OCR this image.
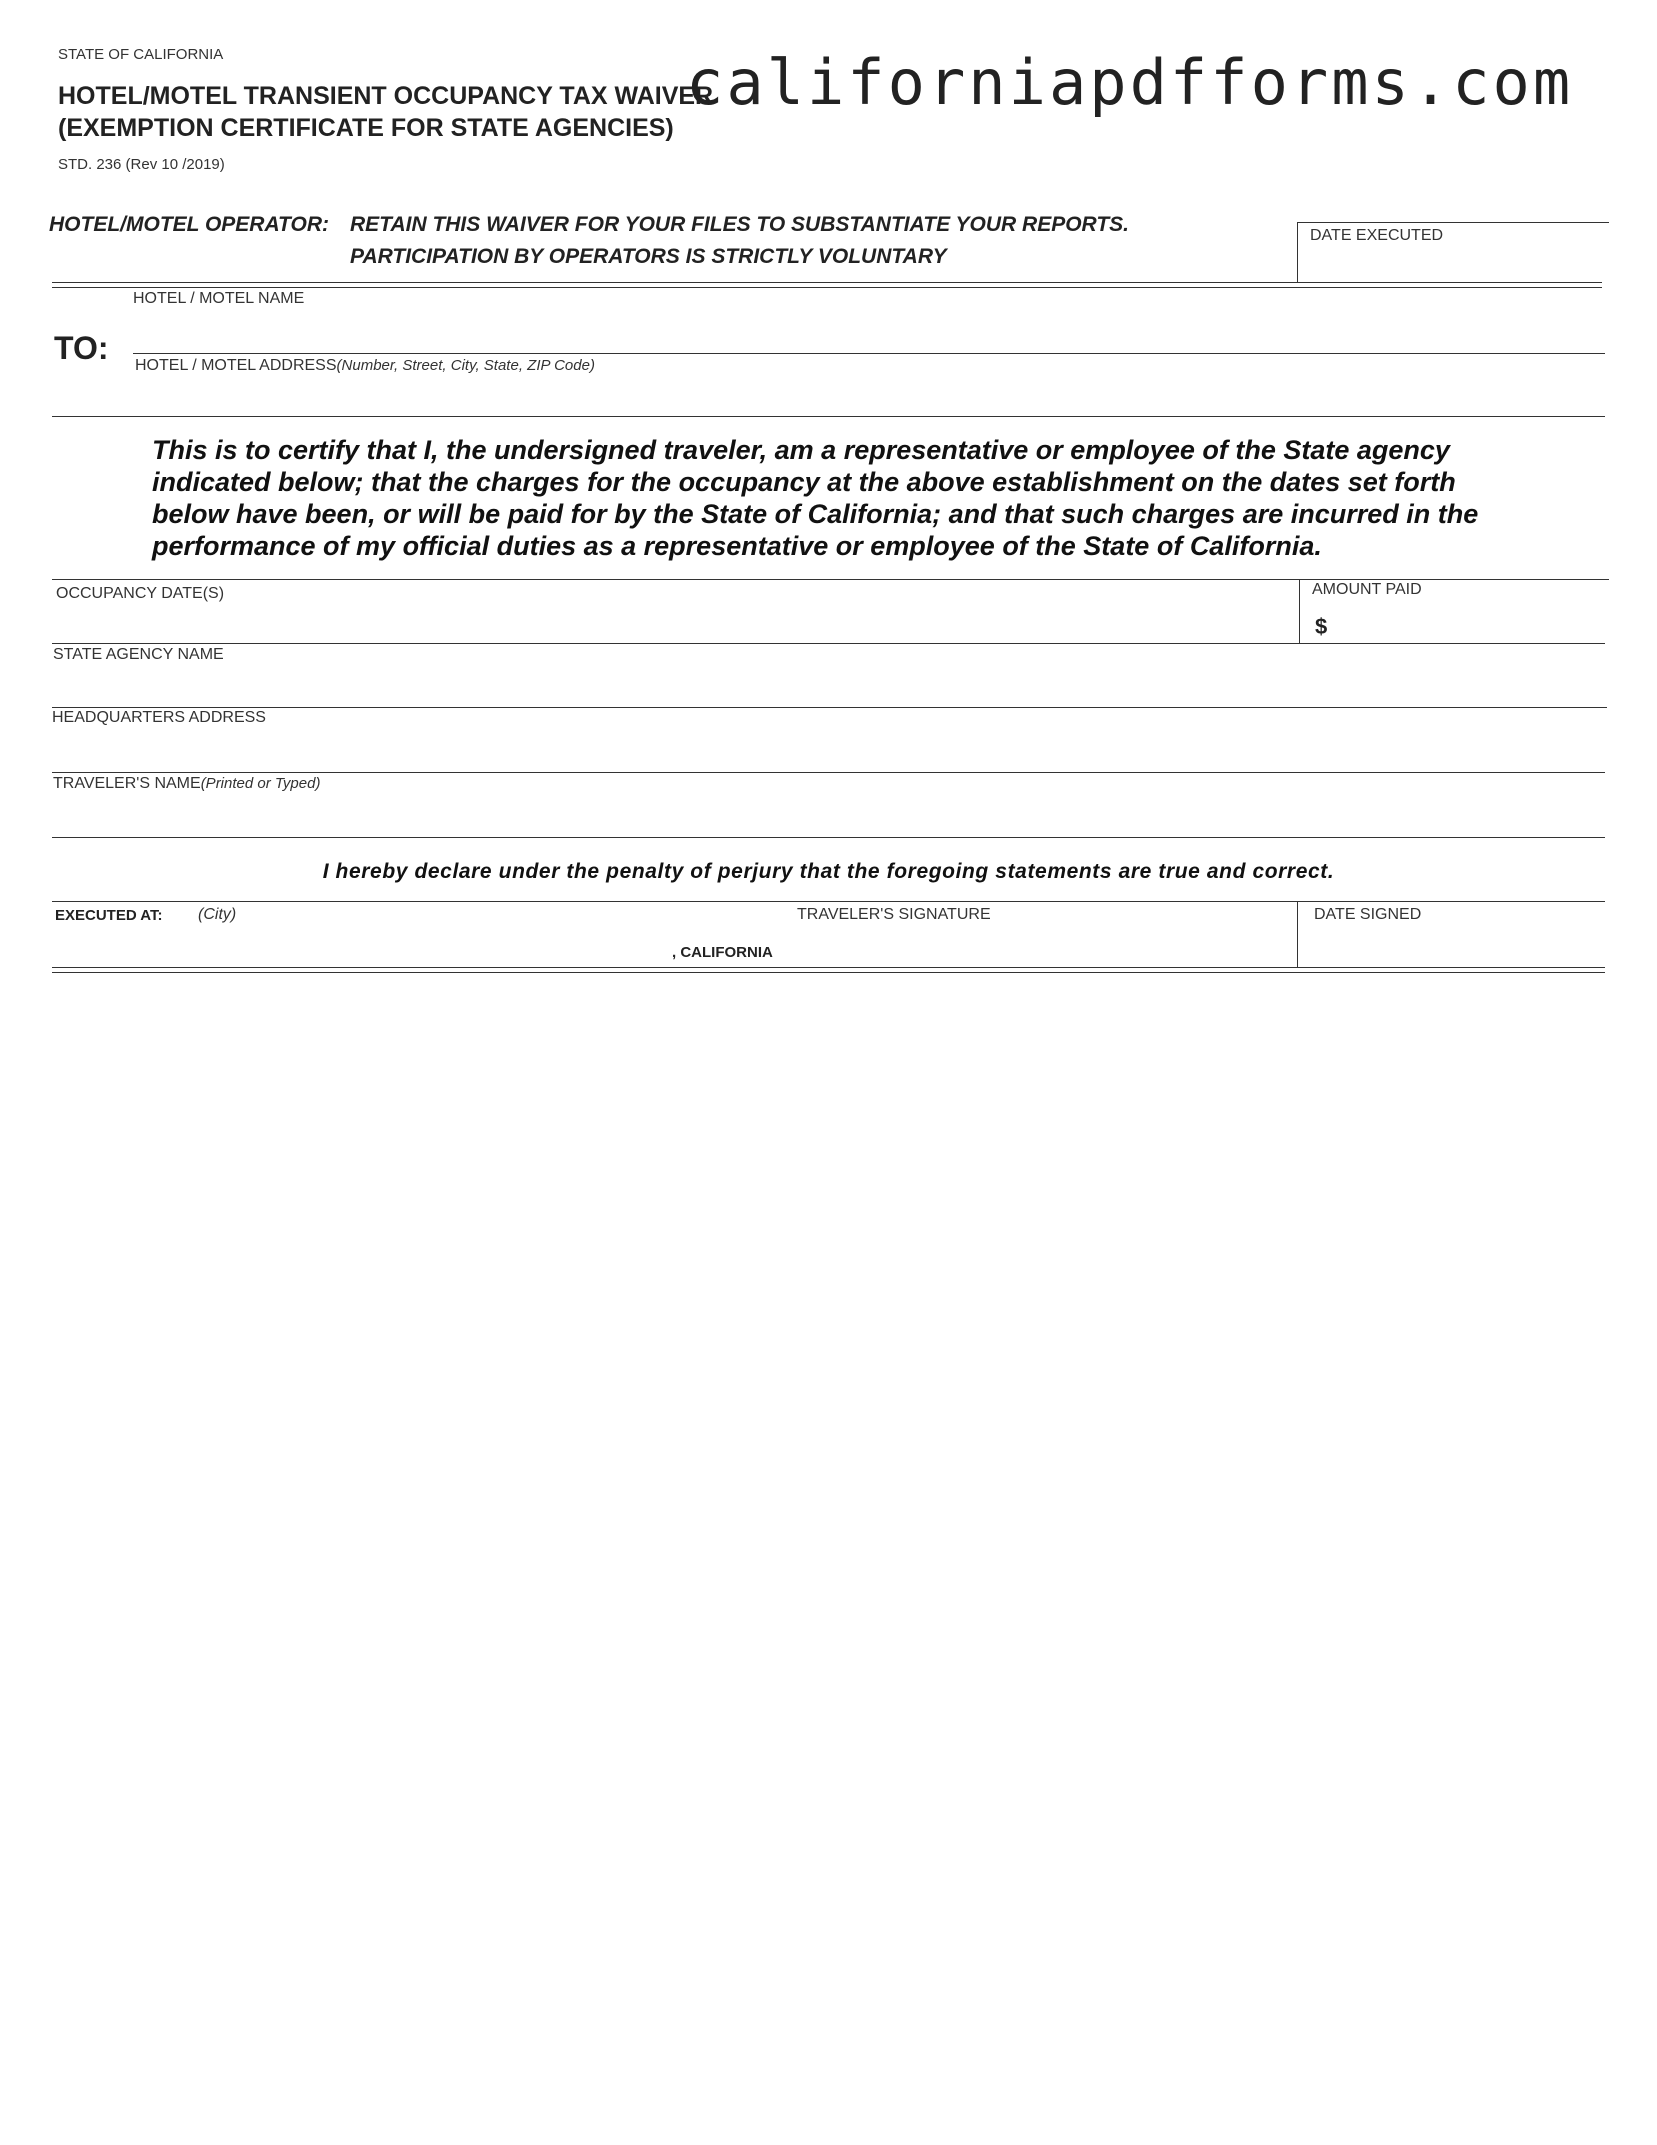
STATE OF CALIFORNIA
HOTEL/MOTEL TRANSIENT OCCUPANCY TAX WAIVER
(EXEMPTION CERTIFICATE FOR STATE AGENCIES)
STD. 236 (Rev 10 /2019)
californiapdfforms.com
HOTEL/MOTEL OPERATOR: RETAIN THIS WAIVER FOR YOUR FILES TO SUBSTANTIATE YOUR REPORTS.
PARTICIPATION BY OPERATORS IS STRICTLY VOLUNTARY
DATE EXECUTED
HOTEL / MOTEL NAME
TO: HOTEL / MOTEL ADDRESS(Number, Street, City, State, ZIP Code)
This is to certify that I, the undersigned traveler, am a representative or employee of the State agency
indicated below; that the charges for the occupancy at the above establishment on the dates set forth
below have been, or will be paid for by the State of California; and that such charges are incurred in the
performance of my official duties as a representative or employee of the State of California.
OCCUPANCY DATE(S)	AMOUNT PAID
$
STATE AGENCY NAME
HEADQUARTERS ADDRESS
TRAVELER'S NAME(Printed or Typed)
I hereby declare under the penalty of perjury that the foregoing statements are true and correct.
EXECUTED AT: (City)
, CALIFORNIA
TRAVELER'S SIGNATURE	DATE SIGNED
